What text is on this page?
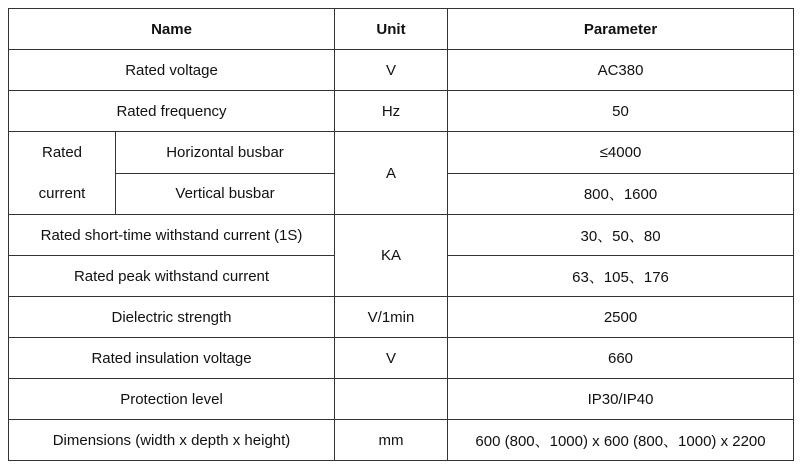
Name		Unit	Parameter
Rated voltage		V	AC380
Rated frequency		Hz	50
Rated
current	Horizontal busbar	A	≤4000
	Vertical busbar		800、1600
Rated short-time withstand current (1S)		KA	30、50、80
Rated peak withstand current			63、105、176
Dielectric strength		V/1min	2500
Rated insulation voltage		V	660
Protection level			IP30/IP40
Dimensions (width x depth x height)		mm	600 (800、1000) x 600 (800、1000) x 2200
